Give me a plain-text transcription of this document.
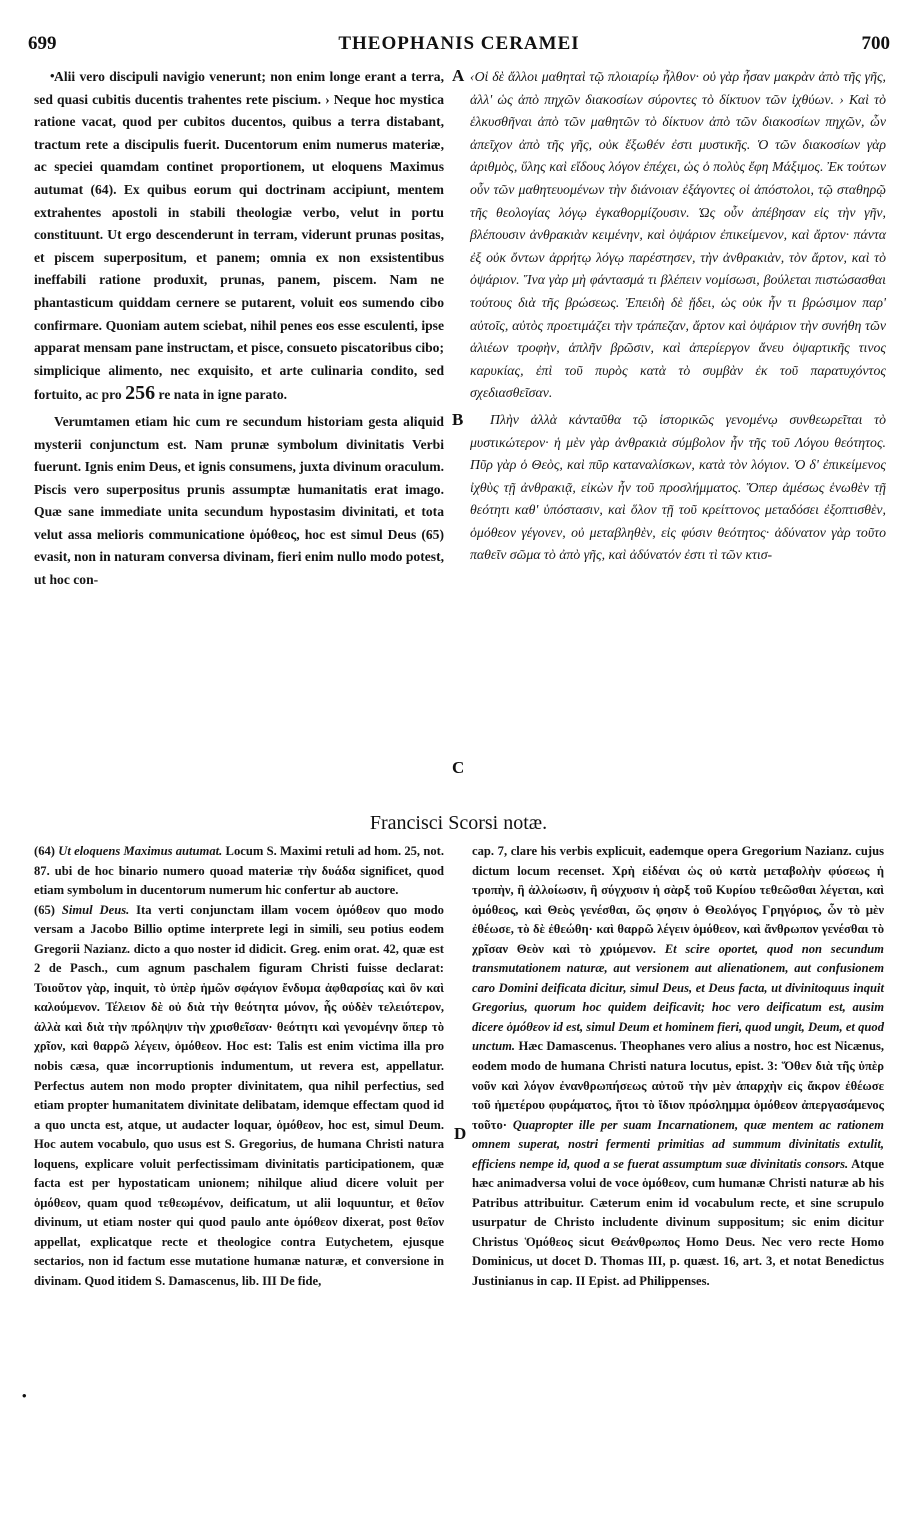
699	THEOPHANIS CERAMEI	700
• Alii vero discipuli navigio venerunt; non enim longe erant a terra, sed quasi cubitis ducentis trahentes rete piscium. › Neque hoc mystica ratione vacat, quod per cubitos ducentos, quibus a terra distabant, tractum rete a discipulis fuerit. Ducentorum enim numerus materiæ, ac speciei quamdam continet proportionem, ut eloquens Maximus autumat (64). Ex quibus eorum qui doctrinam accipiunt, mentem extrahentes apostoli in stabili theologiæ verbo, velut in portu constituunt. Ut ergo descenderunt in terram, viderunt prunas positas, et piscem superpositum, et panem; omnia ex non exsistentibus ineffabili ratione produxit, prunas, panem, piscem. Nam ne phantasticum quiddam cernere se putarent, voluit eos sumendo cibo confirmare. Quoniam autem sciebat, nihil penes eos esse esculenti, ipse apparat mensam pane instructam, et pisce, consueto piscatoribus cibo; simplicique alimento, nec exquisito, et arte culinaria condito, sed fortuito, ac pro 256 re nata in igne parato.

Verumtamen etiam hic cum re secundum historiam gesta aliquid mysterii conjunctum est. Nam prunæ symbolum divinitatis Verbi fuerunt. Ignis enim Deus, et ignis consumens, juxta divinum oraculum. Piscis vero superpositus prunis assumptæ humanitatis erat imago. Quæ sane immediate unita secundum hypostasim divinitati, et tota velut assa melioris communicatione ὁμόθεος, hoc est simul Deus (65) evasit, non in naturam conversa divinam, fieri enim nullo modo potest, ut hoc con-

A
B
C

‹Οἱ δὲ ἄλλοι μαθηταὶ τῷ πλοιαρίῳ ἦλθον· οὐ γὰρ ἦσαν μακρὰν ἀπὸ τῆς γῆς, ἀλλ' ὡς ἀπὸ πηχῶν διακοσίων σύροντες τὸ δίκτυον τῶν ἰχθύων. › Καὶ τὸ ἑλκυσθῆναι ἀπὸ τῶν μαθητῶν τὸ δίκτυον ἀπὸ τῶν διακοσίων πηχῶν, ὧν ἀπεῖχον ἀπὸ τῆς γῆς, οὐκ ἔξωθέν ἐστι μυστικῆς. Ὁ τῶν διακοσίων γὰρ ἀριθμὸς, ὕλης καὶ εἴδους λόγον ἐπέχει, ὡς ὁ πολὺς ἔφη Μάξιμος. Ἐκ τούτων οὖν τῶν μαθητευομένων τὴν διάνοιαν ἐξάγοντες οἱ ἀπόστολοι, τῷ σταθηρῷ τῆς θεολογίας λόγῳ ἐγκαθορμίζουσιν. Ὡς οὖν ἀπέβησαν εἰς τὴν γῆν, βλέπουσιν ἀνθρακιὰν κειμένην, καὶ ὀψάριον ἐπικείμενον, καὶ ἄρτον· πάντα ἐξ οὐκ ὄντων ἀρρήτῳ λόγῳ παρέστησεν, τὴν ἀνθρακιὰν, τὸν ἄρτον, καὶ τὸ ὀψάριον. Ἵνα γὰρ μὴ φάντασμά τι βλέπειν νομίσωσι, βούλεται πιστώσασθαι τούτους διὰ τῆς βρώσεως. Ἐπειδὴ δὲ ᾔδει, ὡς οὐκ ἦν τι βρώσιμον παρ' αὐτοῖς, αὐτὸς προετιμάζει τὴν τράπεζαν, ἄρτον καὶ ὀψάριον τὴν συνήθη τῶν ἁλιέων τροφὴν, ἁπλῆν βρῶσιν, καὶ ἀπερίεργον ἄνευ ὀψαρτικῆς τινος καρυκίας, ἐπὶ τοῦ πυρὸς κατὰ τὸ συμβὰν ἐκ τοῦ παρατυχόντος σχεδιασθεῖσαν.

Πλὴν ἀλλὰ κἀνταῦθα τῷ ἱστορικῶς γενομένῳ συνθεωρεῖται τὸ μυστικώτερον· ἡ μὲν γὰρ ἀνθρακιὰ σύμβολον ἦν τῆς τοῦ Λόγου θεότητος. Πῦρ γὰρ ὁ Θεὸς, καὶ πῦρ καταναλίσκων, κατὰ τὸν λόγιον. Ὁ δ' ἐπικείμενος ἰχθὺς τῇ ἀνθρακιᾷ, εἰκὼν ἦν τοῦ προσλήμματος. Ὅπερ ἀμέσως ἑνωθὲν τῇ θεότητι καθ' ὑπόστασιν, καὶ ὅλον τῇ τοῦ κρείττονος μεταδόσει ἐξοπτισθὲν, ὁμόθεον γέγονεν, οὐ μεταβληθὲν, εἰς φύσιν θεότητος· ἀδύνατον γὰρ τοῦτο παθεῖν σῶμα τὸ ἀπὸ γῆς, καὶ ἀδύνατόν ἐστι τὶ τῶν κτισ-

Francisci Scorsi notæ.

(64) Ut eloquens Maximus autumat. Locum S. Maximi retuli ad hom. 25, not. 87. ubi de hoc binario numero quoad materiæ τὴν δυάδα significet, quod etiam symbolum in ducentorum numerum hic confertur ab auctore.

(65) Simul Deus. Ita verti conjunctam illam vocem ὁμόθεον quo modo versam a Jacobo Billio optime interprete legi in simili, seu potius eodem Gregorii Nazianz. dicto a quo noster id didicit. Greg. enim orat. 42, quæ est 2 de Pasch., cum agnum paschalem figuram Christi fuisse declarat: Τοιοῦτον γὰρ, inquit, τὸ ὑπὲρ ἡμῶν σφάγιον ἔνδυμα ἀφθαρσίας καὶ ὂν καὶ καλούμενον. Τέλειον δὲ οὐ διὰ τὴν θεότητα μόνον, ἧς οὐδὲν τελειότερον, ἀλλὰ καὶ διὰ τὴν πρόληψιν τὴν χρισθεῖσαν· θεότητι καὶ γενομένην ὅπερ τὸ χρῖον, καὶ θαρρῶ λέγειν, ὁμόθεον. Hoc est: Talis est enim victima illa pro nobis cæsa, quæ incorruptionis indumentum, ut revera est, appellatur. Perfectus autem non modo propter divinitatem, qua nihil perfectius, sed etiam propter humanitatem divinitate delibatam, idemque effectam quod id a quo uncta est, atque, ut audacter loquar, ὁμόθεον, hoc est, simul Deum. Hoc autem vocabulo, quo usus est S. Gregorius, de humana Christi natura loquens, explicare voluit perfectissimam divinitatis participationem, quæ facta est per hypostaticam unionem; nihilque aliud dicere voluit per ὁμόθεον, quam quod τεθεωμένον, deificatum, ut alii loquuntur, et θεῖον divinum, ut etiam noster qui quod paulo ante ὁμόθεον dixerat, post θεῖον appellat, explicatque recte et theologice contra Eutychetem, ejusque sectarios, non id factum esse mutatione humanæ naturæ, et conversione in divinam. Quod itidem S. Damascenus, lib. III De fide,

D
•

cap. 7, clare his verbis explicuit, eademque opera Gregorium Nazianz. cujus dictum locum recenset. Χρὴ εἰδέναι ὡς οὐ κατὰ μεταβολὴν φύσεως ἡ τροπὴν, ἢ ἀλλοίωσιν, ἢ σύγχυσιν ἡ σὰρξ τοῦ Κυρίου τεθεῶσθαι λέγεται, καὶ ὁμόθεος, καὶ Θεὸς γενέσθαι, ὥς φησιν ὁ Θεολόγος Γρηγόριος, ὧν τὸ μὲν ἐθέωσε, τὸ δὲ ἐθεώθη· καὶ θαρρῶ λέγειν ὁμόθεον, καὶ ἄνθρωπον γενέσθαι τὸ χρῖσαν Θεὸν καὶ τὸ χριόμενον. Et scire oportet, quod non secundum transmutationem naturæ, aut versionem aut alienationem, aut confusionem caro Domini deificata dicitur, simul Deus, et Deus facta, ut divinitoquus inquit Gregorius, quorum hoc quidem deificavit; hoc vero deificatum est, ausim dicere ὁμόθεον id est, simul Deum et hominem fieri, quod ungit, Deum, et quod unctum. Hæc Damascenus. Theophanes vero alius a nostro, hoc est Nicænus, eodem modo de humana Christi natura locutus, epist. 3: Ὅθεν διὰ τῆς ὑπὲρ νοῦν καὶ λόγον ἐνανθρωπήσεως αὐτοῦ τὴν μὲν ἀπαρχὴν εἰς ἄκρον ἐθέωσε τοῦ ἡμετέρου φυράματος, ἥτοι τὸ ἴδιον πρόσλημμα ὁμόθεον ἀπεργασάμενος τοῦτο· Quapropter ille per suam Incarnationem, quæ mentem ac rationem omnem superat, nostri fermenti primitias ad summum divinitatis extulit, efficiens nempe id, quod a se fuerat assumptum suæ divinitatis consors. Atque hæc animadversa volui de voce ὁμόθεον, cum humanæ Christi naturæ ab his Patribus attribuitur. Cæterum enim id vocabulum recte, et sine scrupulo usurpatur de Christo includente divinum suppositum; sic enim dicitur Christus Ὁμόθεος sicut Θεάνθρωπος Homo Deus. Nec vero recte Homo Dominicus, ut docet D. Thomas III, p. quæst. 16, art. 3, et notat Benedictus Justinianus in cap. II Epist. ad Philippenses.
